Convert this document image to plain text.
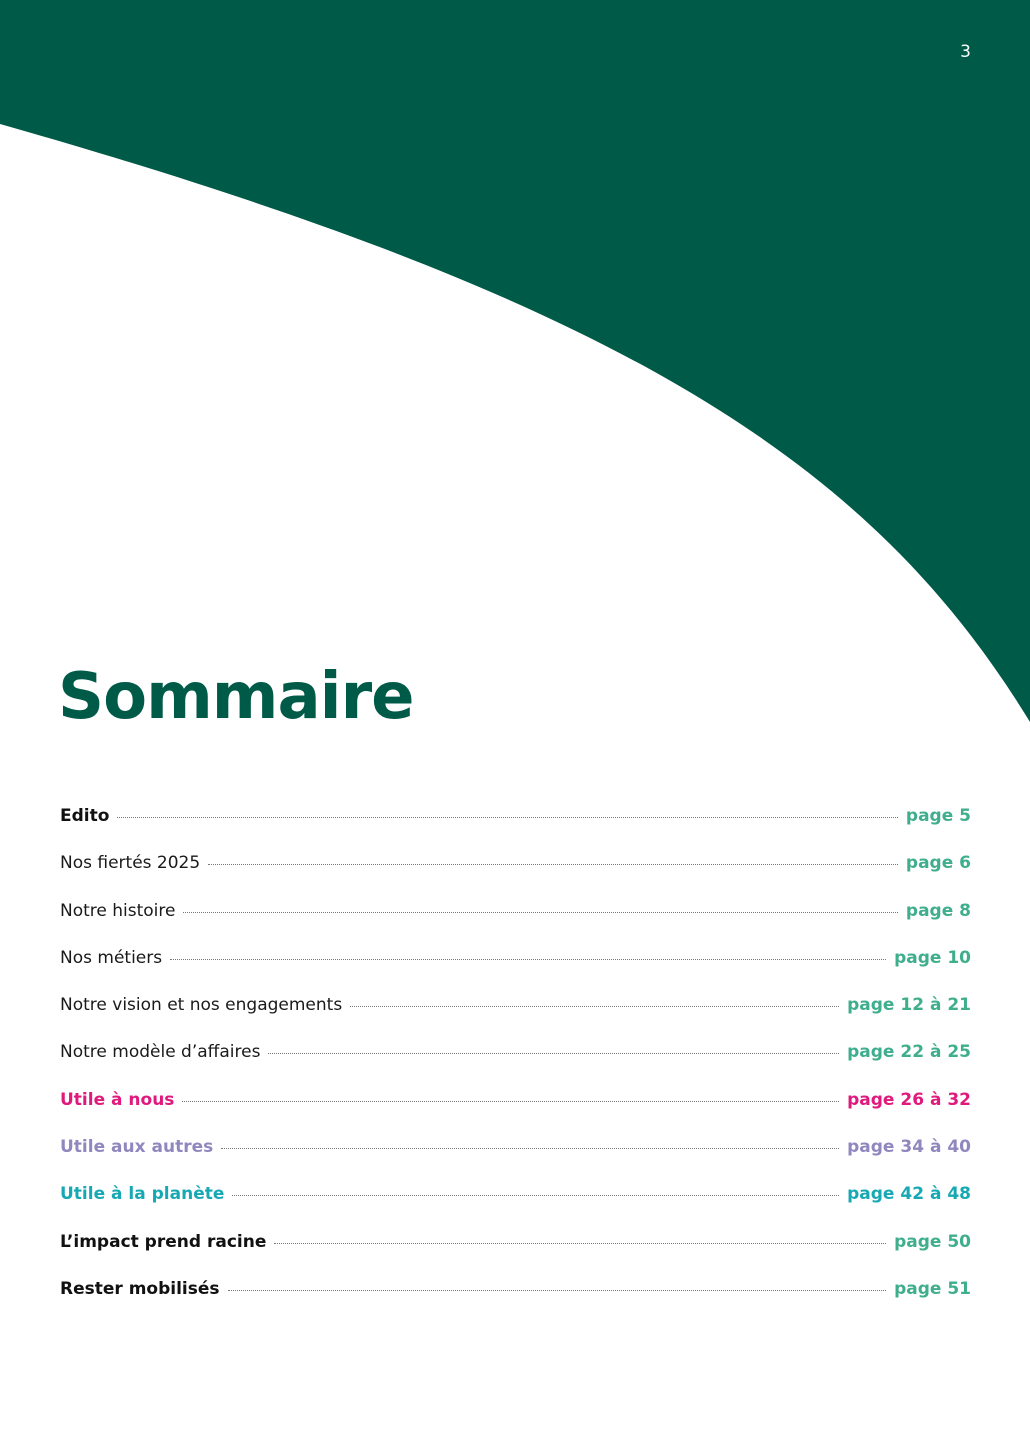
3
Sommaire
Edito	page 5
Nos fiertés 2025	page 6
Notre histoire	page 8
Nos métiers	page 10
Notre vision et nos engagements	page 12 à 21
Notre modèle d’affaires	page 22 à 25
Utile à nous	page 26 à 32
Utile aux autres	page 34 à 40
Utile à la planète	page 42 à 48
L’impact prend racine	page 50
Rester mobilisés	page 51
